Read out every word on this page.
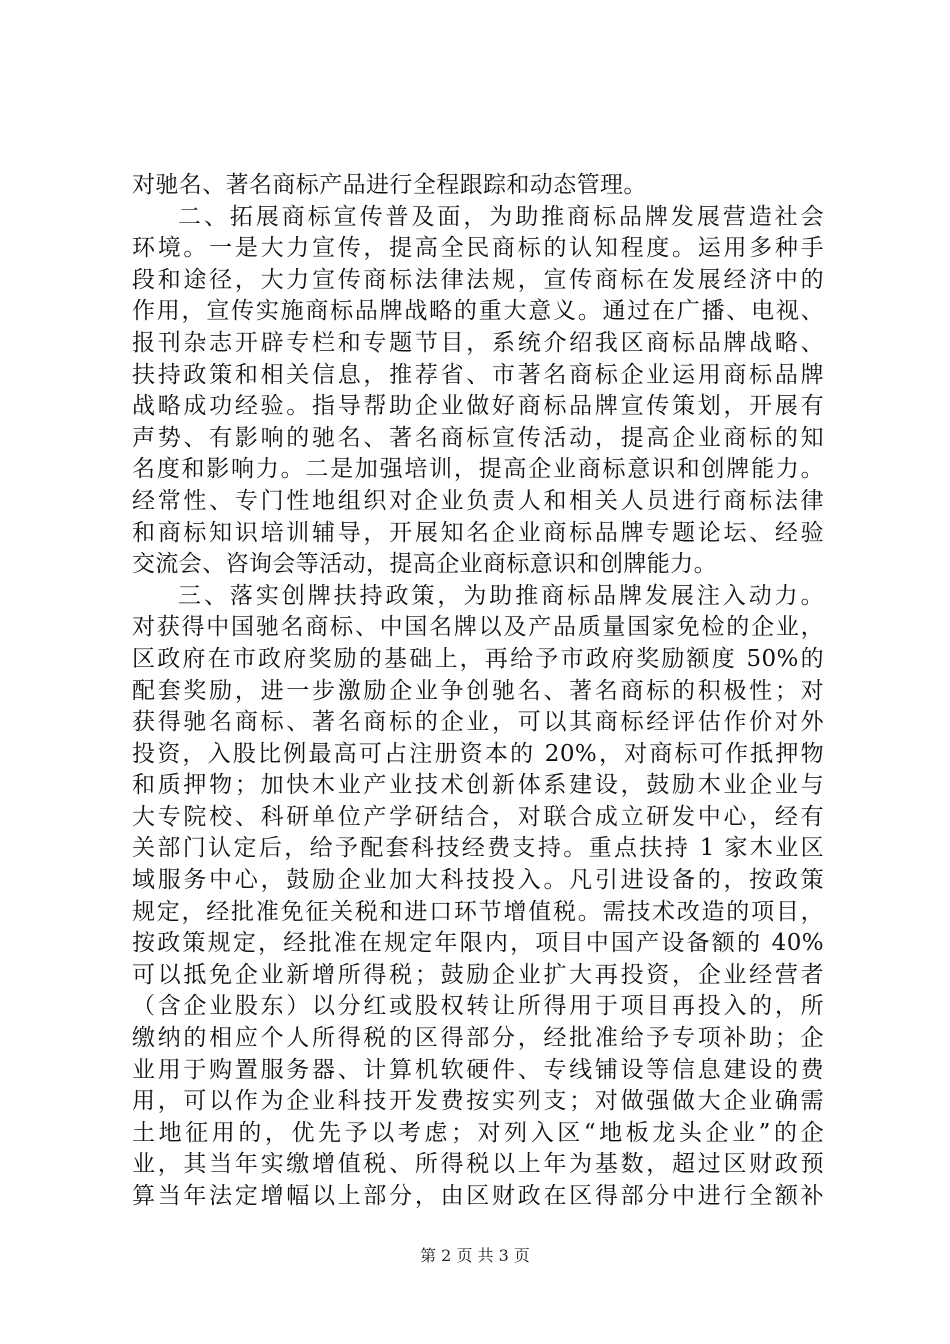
对驰名、著名商标产品进行全程跟踪和动态管理。
二、拓展商标宣传普及面，为助推商标品牌发展营造社会
环境。一是大力宣传，提高全民商标的认知程度。运用多种手
段和途径，大力宣传商标法律法规，宣传商标在发展经济中的
作用，宣传实施商标品牌战略的重大意义。通过在广播、电视、
报刊杂志开辟专栏和专题节目，系统介绍我区商标品牌战略、
扶持政策和相关信息，推荐省、市著名商标企业运用商标品牌
战略成功经验。指导帮助企业做好商标品牌宣传策划，开展有
声势、有影响的驰名、著名商标宣传活动，提高企业商标的知
名度和影响力。二是加强培训，提高企业商标意识和创牌能力。
经常性、专门性地组织对企业负责人和相关人员进行商标法律
和商标知识培训辅导，开展知名企业商标品牌专题论坛、经验
交流会、咨询会等活动，提高企业商标意识和创牌能力。
三、落实创牌扶持政策，为助推商标品牌发展注入动力。
对获得中国驰名商标、中国名牌以及产品质量国家免检的企业，
区政府在市政府奖励的基础上，再给予市政府奖励额度 50%的
配套奖励，进一步激励企业争创驰名、著名商标的积极性；对
获得驰名商标、著名商标的企业，可以其商标经评估作价对外
投资，入股比例最高可占注册资本的 20%，对商标可作抵押物
和质押物；加快木业产业技术创新体系建设，鼓励木业企业与
大专院校、科研单位产学研结合，对联合成立研发中心，经有
关部门认定后，给予配套科技经费支持。重点扶持 1 家木业区
域服务中心，鼓励企业加大科技投入。凡引进设备的，按政策
规定，经批准免征关税和进口环节增值税。需技术改造的项目，
按政策规定，经批准在规定年限内，项目中国产设备额的 40%
可以抵免企业新增所得税；鼓励企业扩大再投资，企业经营者
（含企业股东）以分红或股权转让所得用于项目再投入的，所
缴纳的相应个人所得税的区得部分，经批准给予专项补助；企
业用于购置服务器、计算机软硬件、专线铺设等信息建设的费
用，可以作为企业科技开发费按实列支；对做强做大企业确需
土地征用的，优先予以考虑；对列入区“地板龙头企业”的企
业，其当年实缴增值税、所得税以上年为基数，超过区财政预
算当年法定增幅以上部分，由区财政在区得部分中进行全额补
第 2 页 共 3 页
